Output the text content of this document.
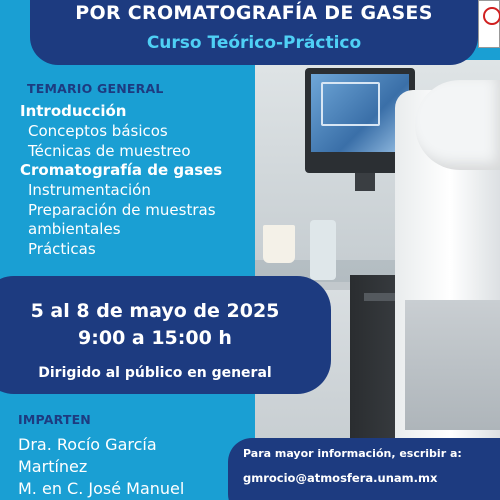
POR CROMATOGRAFÍA DE GASES
Curso Teórico-Práctico
TEMARIO GENERAL
Introducción
Conceptos básicos
Técnicas de muestreo
Cromatografía de gases
Instrumentación
Preparación de muestras
ambientales
Prácticas
5 al 8 de mayo de 2025
9:00 a 15:00 h
Dirigido al público en general
IMPARTEN
Dra. Rocío García
Martínez
M. en C. José Manuel
Para mayor información, escribir a:
gmrocio@atmosfera.unam.mx
